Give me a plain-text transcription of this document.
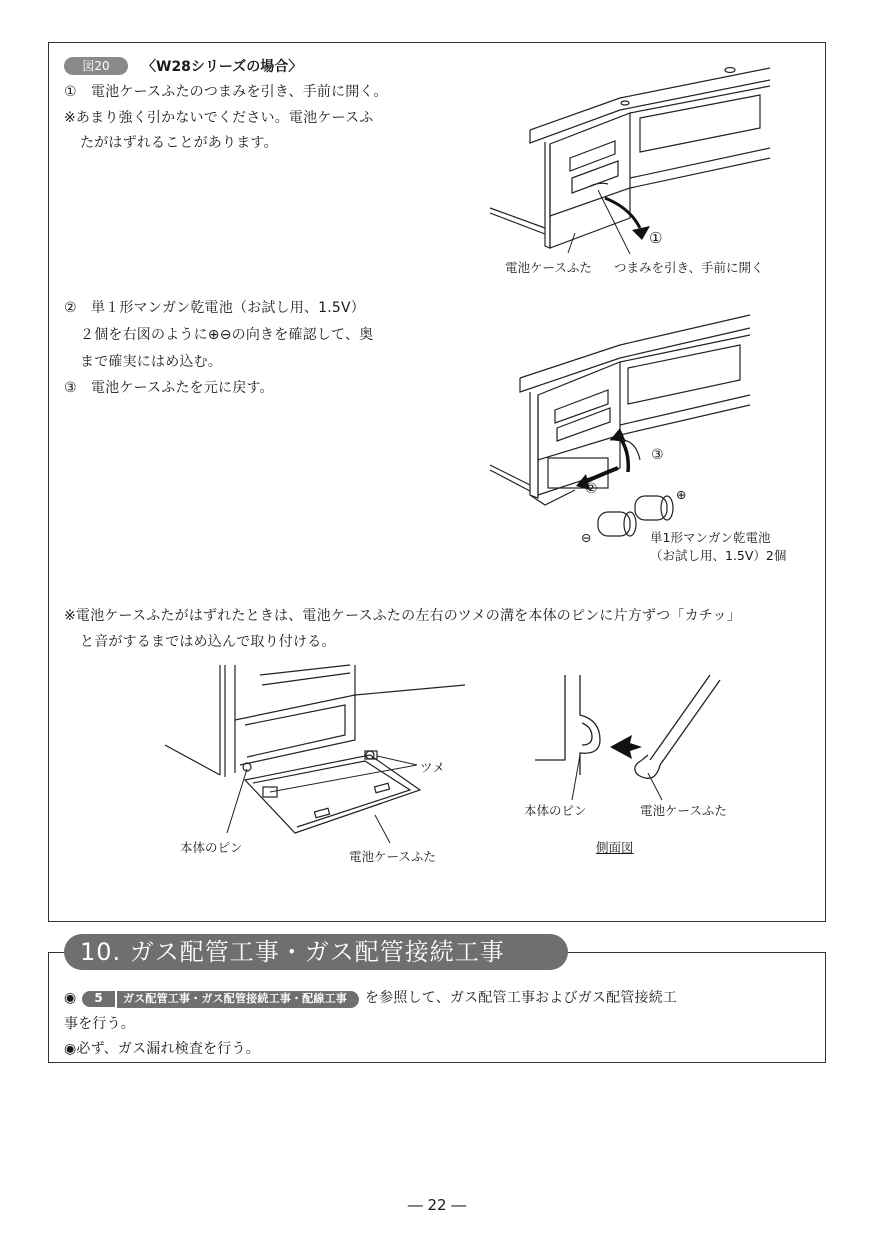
図20	〈W28シリーズの場合〉
①　電池ケースふたのつまみを引き、手前に開く。
※あまり強く引かないでください。電池ケースふ
たがはずれることがあります。
①
電池ケースふた つまみを引き、手前に開く
②　単１形マンガン乾電池（お試し用、1.5V）
２個を右図のように⊕⊖の向きを確認して、奥
まで確実にはめ込む。
③　電池ケースふたを元に戻す。
②
③
⊕
⊖	単1形マンガン乾電池
（お試し用、1.5V）2個
※電池ケースふたがはずれたときは、電池ケースふたの左右のツメの溝を本体のピンに片方ずつ「カチッ」
と音がするまではめ込んで取り付ける。
ツメ
本体のピン
電池ケースふた
本体のピン	電池ケースふた
側面図
10. ガス配管工事・ガス配管接続工事
◉ 5 ガス配管工事・ガス配管接続工事・配線工事 を参照して、ガス配管工事およびガス配管接続工
事を行う。
◉必ず、ガス漏れ検査を行う。
― 22 ―
